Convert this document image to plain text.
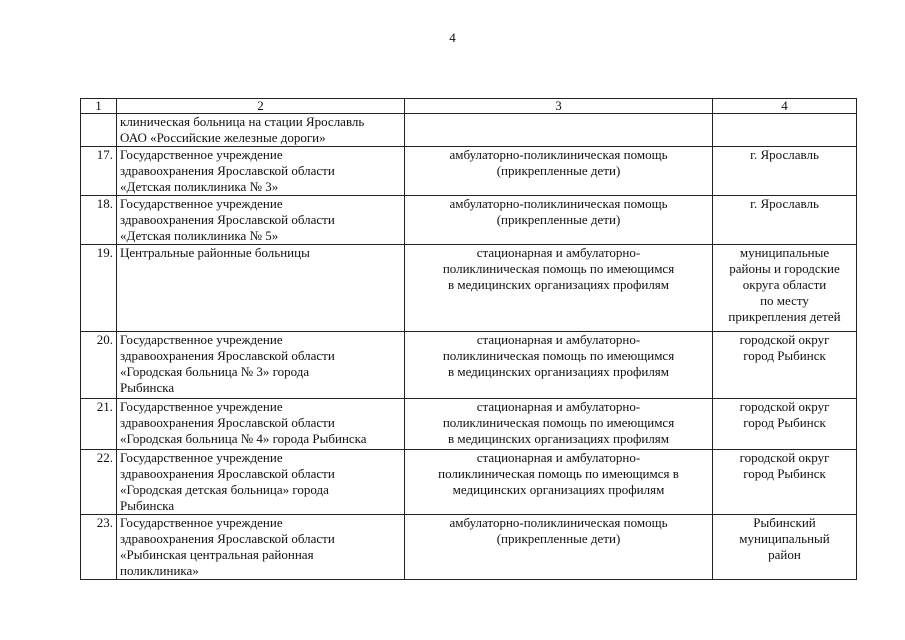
4
1	2	3	4

	клиническая больница на стации Ярославль
ОАО «Российские железные дороги»		

17.	Государственное учреждение
здравоохранения Ярославской области
«Детская поликлиника № 3»	амбулаторно-поликлиническая помощь
(прикрепленные дети)	г. Ярославль

18.	Государственное учреждение
здравоохранения Ярославской области
«Детская поликлиника № 5»	амбулаторно-поликлиническая помощь
(прикрепленные дети)	г. Ярославль

19.	Центральные районные больницы	стационарная и амбулаторно-
поликлиническая помощь по имеющимся
в медицинских организациях профилям	муниципальные
районы и городские
округа области
по месту
прикрепления детей

20.	Государственное учреждение
здравоохранения Ярославской области
«Городская больница № 3» города
Рыбинска	стационарная и амбулаторно-
поликлиническая помощь по имеющимся
в медицинских организациях профилям	городской округ
город Рыбинск

21.	Государственное учреждение
здравоохранения Ярославской области
«Городская больница № 4» города Рыбинска	стационарная и амбулаторно-
поликлиническая помощь по имеющимся
в медицинских организациях профилям	городской округ
город Рыбинск

22.	Государственное учреждение
здравоохранения Ярославской области
«Городская детская больница» города
Рыбинска	стационарная и амбулаторно-
поликлиническая помощь по имеющимся в
медицинских организациях профилям	городской округ
город Рыбинск

23.	Государственное учреждение
здравоохранения Ярославской области
«Рыбинская центральная районная
поликлиника»	амбулаторно-поликлиническая помощь
(прикрепленные дети)	Рыбинский
муниципальный
район
